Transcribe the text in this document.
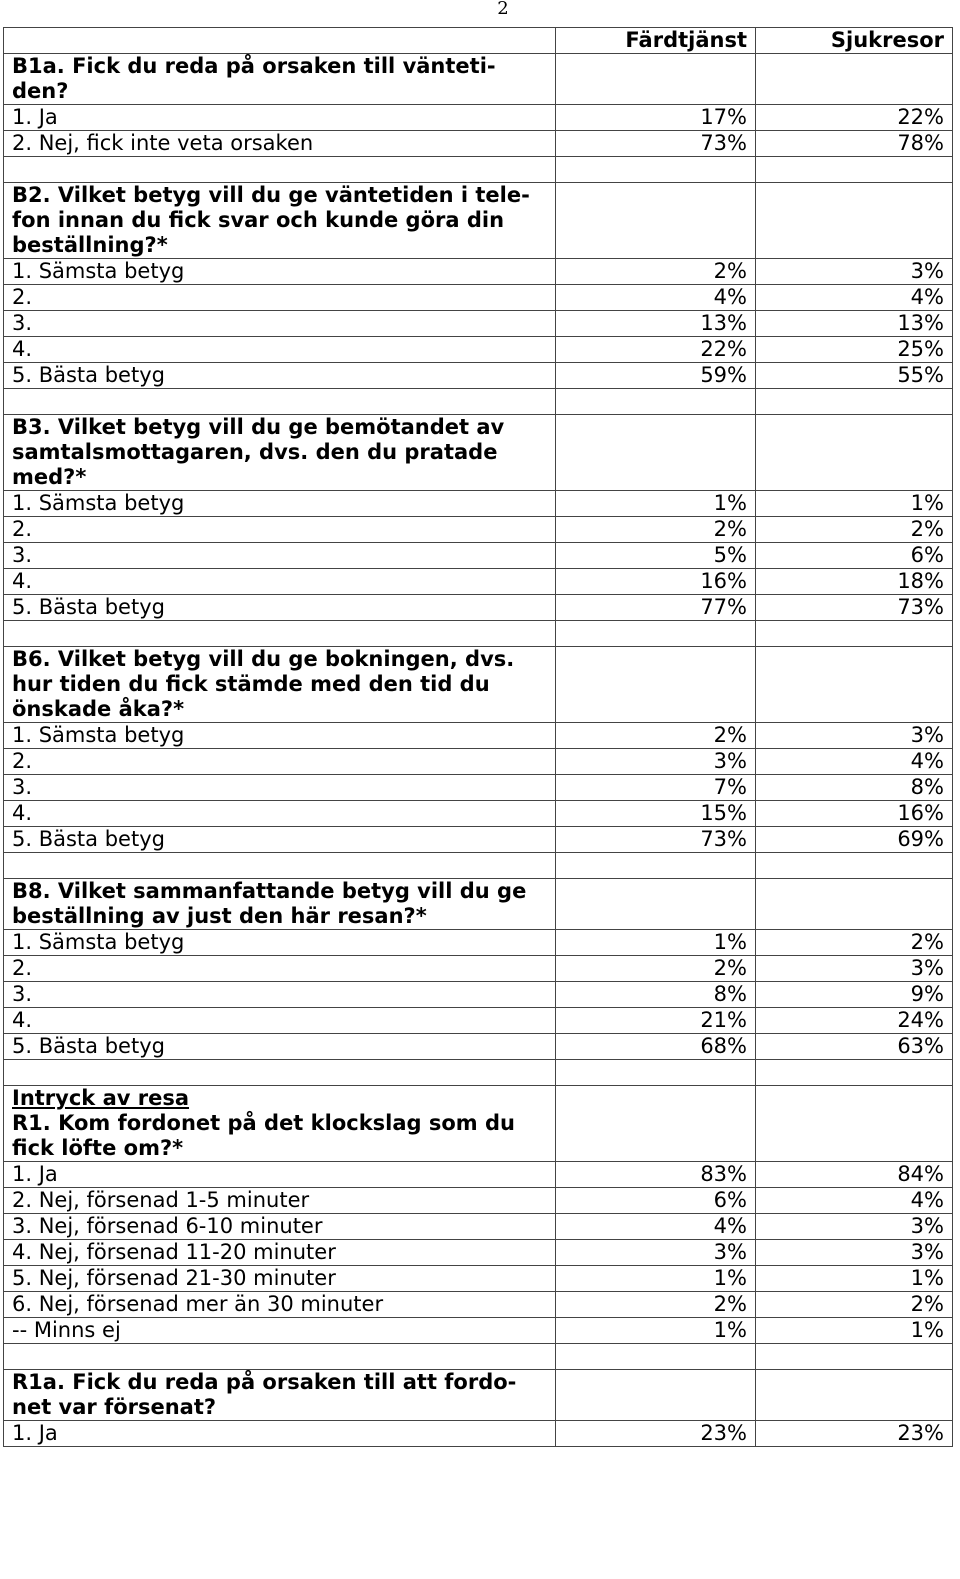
2
	Färdtjänst	Sjukresor

B1a. Fick du reda på orsaken till vänteti-den?		

1. Ja	17%	22%
2. Nej, fick inte veta orsaken	73%	78%

B2. Vilket betyg vill du ge väntetiden i tele-fon innan du fick svar och kunde göra din beställning?*		

1. Sämsta betyg	2%	3%
2.	4%	4%
3.	13%	13%
4.	22%	25%
5. Bästa betyg	59%	55%

B3. Vilket betyg vill du ge bemötandet av samtalsmottagaren, dvs. den du pratade med?*		

1. Sämsta betyg	1%	1%
2.	2%	2%
3.	5%	6%
4.	16%	18%
5. Bästa betyg	77%	73%

B6. Vilket betyg vill du ge bokningen, dvs. hur tiden du fick stämde med den tid du önskade åka?*		

1. Sämsta betyg	2%	3%
2.	3%	4%
3.	7%	8%
4.	15%	16%
5. Bästa betyg	73%	69%

B8. Vilket sammanfattande betyg vill du ge beställning av just den här resan?*		

1. Sämsta betyg	1%	2%
2.	2%	3%
3.	8%	9%
4.	21%	24%
5. Bästa betyg	68%	63%

Intryck av resa
R1. Kom fordonet på det klockslag som du fick löfte om?*		

1. Ja	83%	84%
2. Nej, försenad 1-5 minuter	6%	4%
3. Nej, försenad 6-10 minuter	4%	3%
4. Nej, försenad 11-20 minuter	3%	3%
5. Nej, försenad 21-30 minuter	1%	1%
6. Nej, försenad mer än 30 minuter	2%	2%
-- Minns ej	1%	1%

R1a. Fick du reda på orsaken till att fordo-net var försenat?		

1. Ja	23%	23%
